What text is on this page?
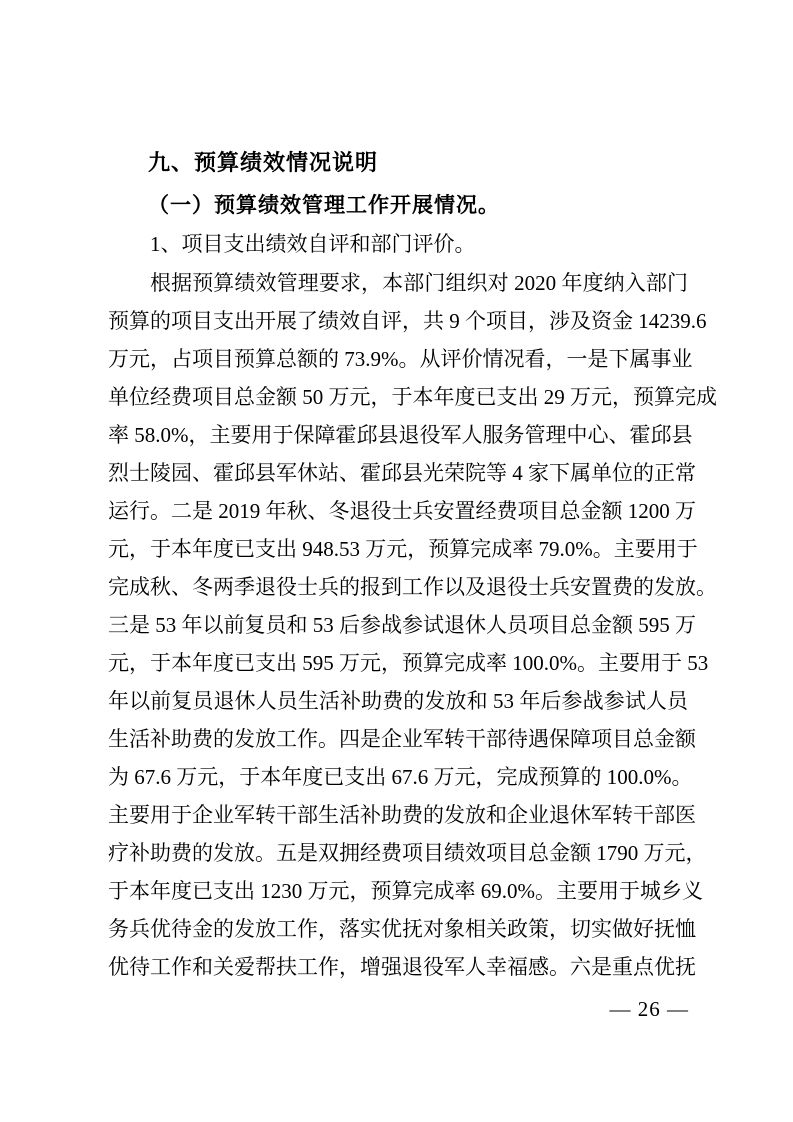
九、预算绩效情况说明
（一）预算绩效管理工作开展情况。
1、项目支出绩效自评和部门评价。
根据预算绩效管理要求，本部门组织对 2020 年度纳入部门
预算的项目支出开展了绩效自评，共 9 个项目，涉及资金 14239.6
万元，占项目预算总额的 73.9%。从评价情况看，一是下属事业
单位经费项目总金额 50 万元，于本年度已支出 29 万元，预算完成
率 58.0%，主要用于保障霍邱县退役军人服务管理中心、霍邱县
烈士陵园、霍邱县军休站、霍邱县光荣院等 4 家下属单位的正常
运行。二是 2019 年秋、冬退役士兵安置经费项目总金额 1200 万
元，于本年度已支出 948.53 万元，预算完成率 79.0%。主要用于
完成秋、冬两季退役士兵的报到工作以及退役士兵安置费的发放。
三是 53 年以前复员和 53 后参战参试退休人员项目总金额 595 万
元，于本年度已支出 595 万元，预算完成率 100.0%。主要用于 53
年以前复员退休人员生活补助费的发放和 53 年后参战参试人员
生活补助费的发放工作。四是企业军转干部待遇保障项目总金额
为 67.6 万元，于本年度已支出 67.6 万元，完成预算的 100.0%。
主要用于企业军转干部生活补助费的发放和企业退休军转干部医
疗补助费的发放。五是双拥经费项目绩效项目总金额 1790 万元，
于本年度已支出 1230 万元，预算完成率 69.0%。主要用于城乡义
务兵优待金的发放工作，落实优抚对象相关政策，切实做好抚恤
优待工作和关爱帮扶工作，增强退役军人幸福感。六是重点优抚
— 26 —
